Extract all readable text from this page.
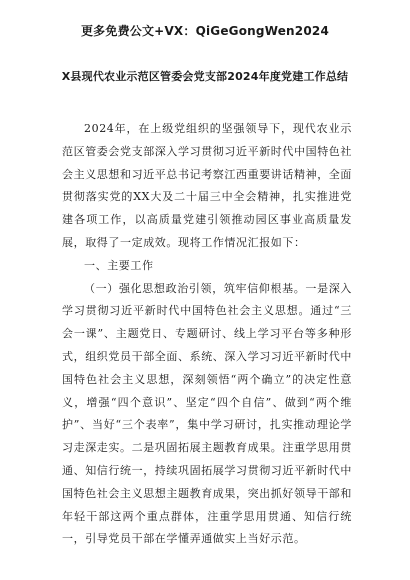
更多免费公文+VX：QiGeGongWen2024
X县现代农业示范区管委会党支部2024年度党建工作总结

2024年，在上级党组织的坚强领导下，现代农业示范区管委会党支部深入学习贯彻习近平新时代中国特色社会主义思想和习近平总书记考察江西重要讲话精神，全面贯彻落实党的XX大及二十届三中全会精神，扎实推进党建各项工作，以高质量党建引领推动园区事业高质量发展，取得了一定成效。现将工作情况汇报如下：

一、主要工作

（一）强化思想政治引领，筑牢信仰根基。一是深入学习贯彻习近平新时代中国特色社会主义思想。通过“三会一课”、主题党日、专题研讨、线上学习平台等多种形式，组织党员干部全面、系统、深入学习习近平新时代中国特色社会主义思想，深刻领悟“两个确立”的决定性意义，增强“四个意识”、坚定“四个自信”、做到“两个维护”、当好“三个表率”，集中学习研讨，扎实推动理论学习走深走实。二是巩固拓展主题教育成果。注重学思用贯通、知信行统一，持续巩固拓展学习贯彻习近平新时代中国特色社会主义思想主题教育成果，突出抓好领导干部和年轻干部这两个重点群体，注重学思用贯通、知信行统一，引导党员干部在学懂弄通做实上当好示范。
